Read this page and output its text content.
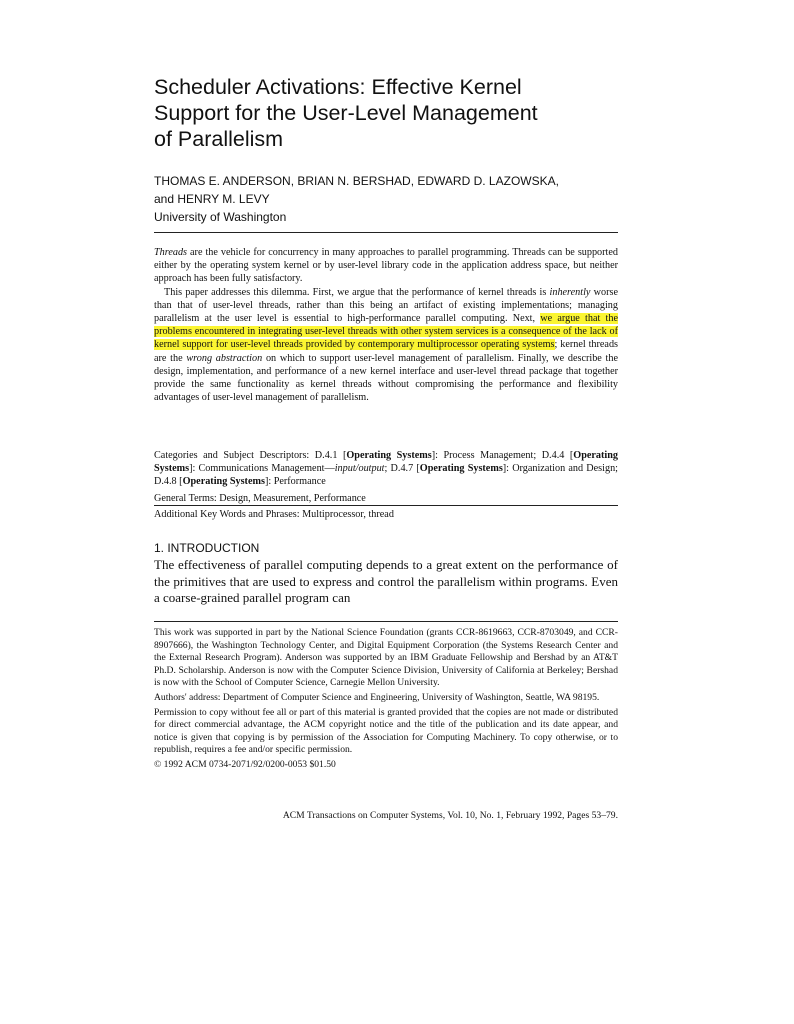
Scheduler Activations: Effective Kernel
Support for the User-Level Management
of Parallelism
THOMAS E. ANDERSON, BRIAN N. BERSHAD, EDWARD D. LAZOWSKA,
and HENRY M. LEVY
University of Washington

Threads are the vehicle for concurrency in many approaches to parallel programming. Threads can be supported either by the operating system kernel or by user-level library code in the application address space, but neither approach has been fully satisfactory.

This paper addresses this dilemma. First, we argue that the performance of kernel threads is inherently worse than that of user-level threads, rather than this being an artifact of existing implementations; managing parallelism at the user level is essential to high-performance parallel computing. Next, we argue that the problems encountered in integrating user-level threads with other system services is a consequence of the lack of kernel support for user-level threads provided by contemporary multiprocessor operating systems; kernel threads are the wrong abstraction on which to support user-level management of parallelism. Finally, we describe the design, implementation, and performance of a new kernel interface and user-level thread package that together provide the same functionality as kernel threads without compromising the performance and flexibility advantages of user-level management of parallelism.

Categories and Subject Descriptors: D.4.1 [Operating Systems]: Process Management; D.4.4 [Operating Systems]: Communications Management—input/output; D.4.7 [Operating Systems]: Organization and Design; D.4.8 [Operating Systems]: Performance

General Terms: Design, Measurement, Performance

Additional Key Words and Phrases: Multiprocessor, thread

1. INTRODUCTION

The effectiveness of parallel computing depends to a great extent on the performance of the primitives that are used to express and control the parallelism within programs. Even a coarse-grained parallel program can

This work was supported in part by the National Science Foundation (grants CCR-8619663, CCR-8703049, and CCR-8907666), the Washington Technology Center, and Digital Equipment Corporation (the Systems Research Center and the External Research Program). Anderson was supported by an IBM Graduate Fellowship and Bershad by an AT&T Ph.D. Scholarship. Anderson is now with the Computer Science Division, University of California at Berkeley; Bershad is now with the School of Computer Science, Carnegie Mellon University.

Authors' address: Department of Computer Science and Engineering, University of Washington, Seattle, WA 98195.

Permission to copy without fee all or part of this material is granted provided that the copies are not made or distributed for direct commercial advantage, the ACM copyright notice and the title of the publication and its date appear, and notice is given that copying is by permission of the Association for Computing Machinery. To copy otherwise, or to republish, requires a fee and/or specific permission.

© 1992 ACM 0734-2071/92/0200-0053 $01.50

ACM Transactions on Computer Systems, Vol. 10, No. 1, February 1992, Pages 53–79.
